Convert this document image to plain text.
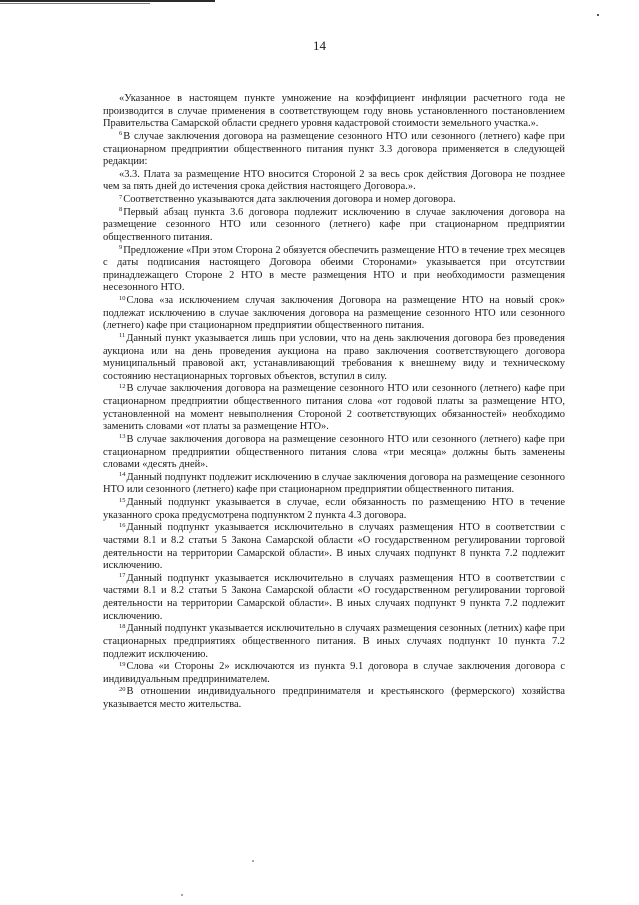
14

«Указанное в настоящем пункте умножение на коэффициент инфляции расчетного года не производится в случае применения в соответствующем году вновь установленного постановлением Правительства Самарской области среднего уровня кадастровой стоимости земельного участка.».

$^6$В случае заключения договора на размещение сезонного НТО или сезонного (летнего) кафе при стационарном предприятии общественного питания пункт 3.3 договора применяется в следующей редакции:

«3.3. Плата за размещение НТО вносится Стороной 2 за весь срок действия Договора не позднее чем за пять дней до истечения срока действия настоящего Договора.».

$^7$Соответственно указываются дата заключения договора и номер договора.

$^8$Первый абзац пункта 3.6 договора подлежит исключению в случае заключения договора на размещение сезонного НТО или сезонного (летнего) кафе при стационарном предприятии общественного питания.

$^9$Предложение «При этом Сторона 2 обязуется обеспечить размещение НТО в течение трех месяцев с даты подписания настоящего Договора обеими Сторонами» указывается при отсутствии принадлежащего Стороне 2 НТО в месте размещения НТО и при необходимости размещения несезонного НТО.

$^{10}$Слова «за исключением случая заключения Договора на размещение НТО на новый срок» подлежат исключению в случае заключения договора на размещение сезонного НТО или сезонного (летнего) кафе при стационарном предприятии общественного питания.

$^{11}$Данный пункт указывается лишь при условии, что на день заключения договора без проведения аукциона или на день проведения аукциона на право заключения соответствующего договора муниципальный правовой акт, устанавливающий требования к внешнему виду и техническому состоянию нестационарных торговых объектов, вступил в силу.

$^{12}$В случае заключения договора на размещение сезонного НТО или сезонного (летнего) кафе при стационарном предприятии общественного питания слова «от годовой платы за размещение НТО, установленной на момент невыполнения Стороной 2 соответствующих обязанностей» необходимо заменить словами «от платы за размещение НТО».

$^{13}$В случае заключения договора на размещение сезонного НТО или сезонного (летнего) кафе при стационарном предприятии общественного питания слова «три месяца» должны быть заменены словами «десять дней».

$^{14}$Данный подпункт подлежит исключению в случае заключения договора на размещение сезонного НТО или сезонного (летнего) кафе при стационарном предприятии общественного питания.

$^{15}$Данный подпункт указывается в случае, если обязанность по размещению НТО в течение указанного срока предусмотрена подпунктом 2 пункта 4.3 договора.

$^{16}$Данный подпункт указывается исключительно в случаях размещения НТО в соответствии с частями 8.1 и 8.2 статьи 5 Закона Самарской области «О государственном регулировании торговой деятельности на территории Самарской области». В иных случаях подпункт 8 пункта 7.2 подлежит исключению.

$^{17}$Данный подпункт указывается исключительно в случаях размещения НТО в соответствии с частями 8.1 и 8.2 статьи 5 Закона Самарской области «О государственном регулировании торговой деятельности на территории Самарской области». В иных случаях подпункт 9 пункта 7.2 подлежит исключению.

$^{18}$Данный подпункт указывается исключительно в случаях размещения сезонных (летних) кафе при стационарных предприятиях общественного питания. В иных случаях подпункт 10 пункта 7.2 подлежит исключению.

$^{19}$Слова «и Стороны 2» исключаются из пункта 9.1 договора в случае заключения договора с индивидуальным предпринимателем.

$^{20}$В отношении индивидуального предпринимателя и крестьянского (фермерского) хозяйства указывается место жительства.
